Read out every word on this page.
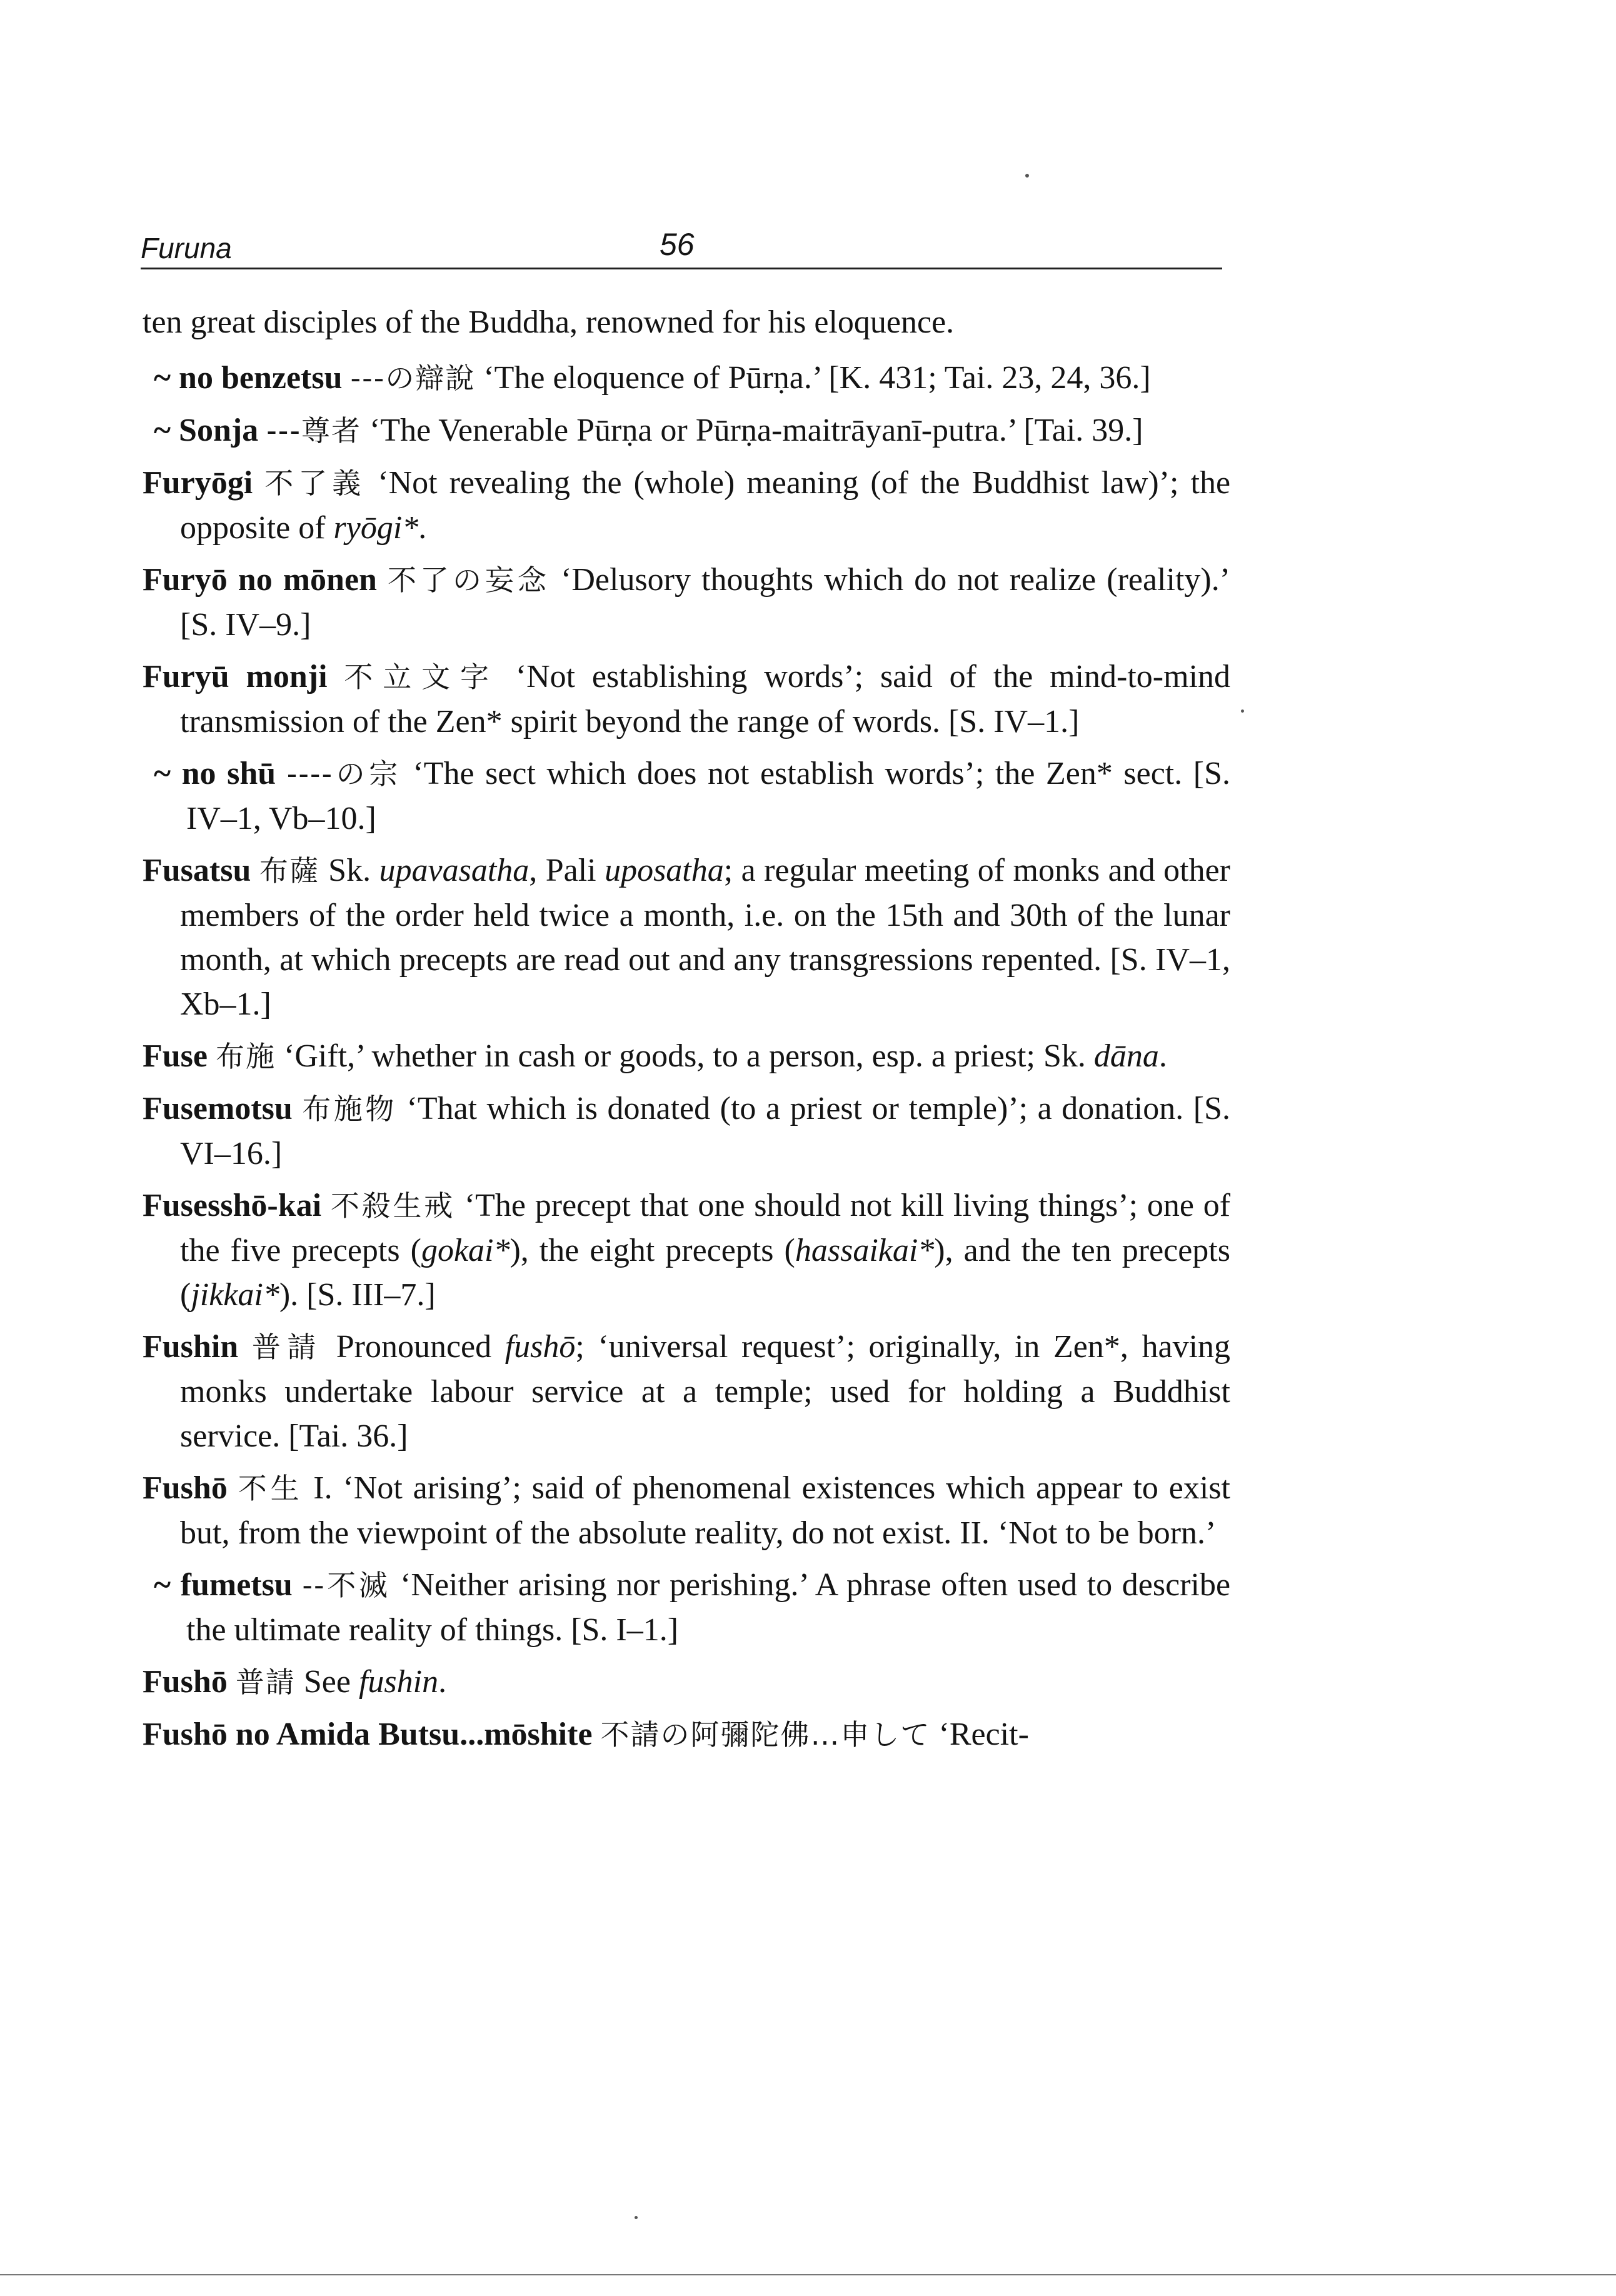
Furuna	56

ten great disciples of the Buddha, renowned for his eloquence.

~ no benzetsu ---の辯說 ‘The eloquence of Pūrṇa.’ [K. 431; Tai. 23, 24, 36.]

~ Sonja ---尊者 ‘The Venerable Pūrṇa or Pūrṇa-maitrāyanī-putra.’ [Tai. 39.]

Furyōgi 不了義 ‘Not revealing the (whole) meaning (of the Buddhist law)’; the opposite of ryōgi*.

Furyō no mōnen 不了の妄念 ‘Delusory thoughts which do not realize (reality).’ [S. IV–9.]

Furyū monji 不立文字 ‘Not establishing words’; said of the mind-to-mind transmission of the Zen* spirit beyond the range of words. [S. IV–1.]

~ no shū ----の宗 ‘The sect which does not establish words’; the Zen* sect. [S. IV–1, Vb–10.]

Fusatsu 布薩 Sk. upavasatha, Pali uposatha; a regular meeting of monks and other members of the order held twice a month, i.e. on the 15th and 30th of the lunar month, at which precepts are read out and any transgressions repented. [S. IV–1, Xb–1.]

Fuse 布施 ‘Gift,’ whether in cash or goods, to a person, esp. a priest; Sk. dāna.

Fusemotsu 布施物 ‘That which is donated (to a priest or temple)’; a donation. [S. VI–16.]

Fusesshō-kai 不殺生戒 ‘The precept that one should not kill living things’; one of the five precepts (gokai*), the eight precepts (hassaikai*), and the ten precepts (jikkai*). [S. III–7.]

Fushin 普請 Pronounced fushō; ‘universal request’; originally, in Zen*, having monks undertake labour service at a temple; used for holding a Buddhist service. [Tai. 36.]

Fushō 不生 I. ‘Not arising’; said of phenomenal existences which appear to exist but, from the viewpoint of the absolute reality, do not exist. II. ‘Not to be born.’

~ fumetsu --不滅 ‘Neither arising nor perishing.’ A phrase often used to describe the ultimate reality of things. [S. I–1.]

Fushō 普請 See fushin.

Fushō no Amida Butsu...mōshite 不請の阿彌陀佛…申して ‘Recit-
